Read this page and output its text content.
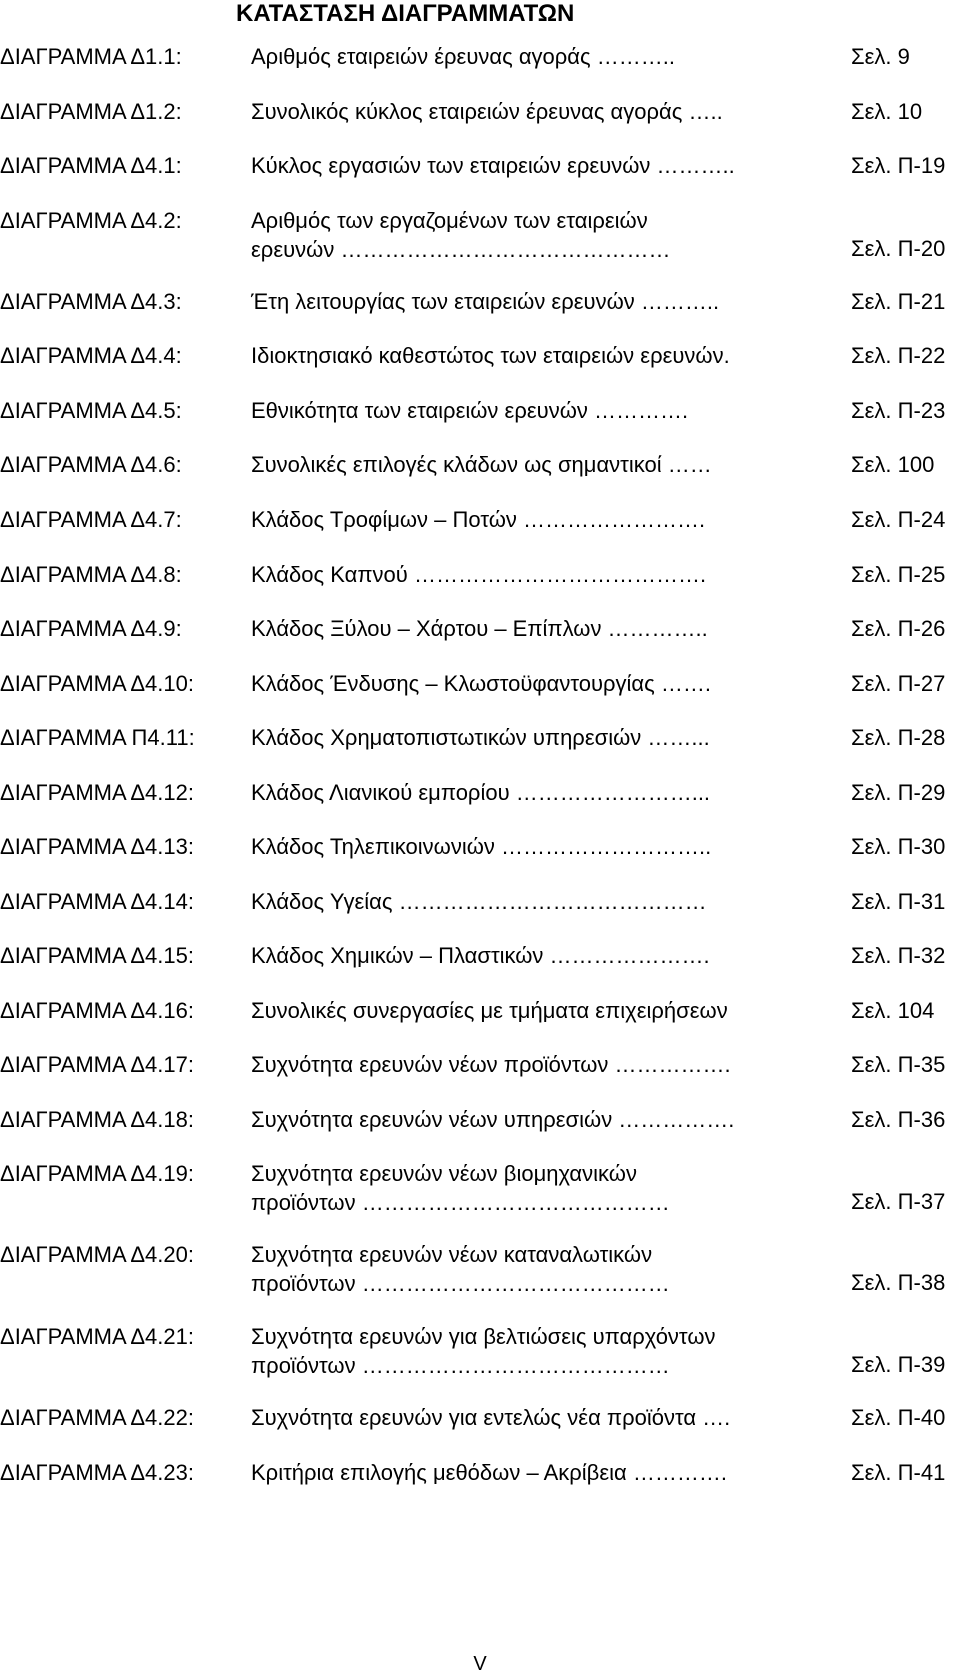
ΚΑΤΑΣΤΑΣΗ ΔΙΑΓΡΑΜΜΑΤΩΝ
ΔΙΑΓΡΑΜΜΑ Δ1.1:	Αριθμός εταιρειών έρευνας αγοράς ………..	Σελ. 9
ΔΙΑΓΡΑΜΜΑ Δ1.2:	Συνολικός κύκλος εταιρειών έρευνας αγοράς …..	Σελ. 10
ΔΙΑΓΡΑΜΜΑ Δ4.1:	Κύκλος εργασιών των εταιρειών ερευνών ………..	Σελ. Π-19
ΔΙΑΓΡΑΜΜΑ Δ4.2:	Αριθμός των εργαζομένων των εταιρειών
ερευνών ………………………………………	Σελ. Π-20
ΔΙΑΓΡΑΜΜΑ Δ4.3:	Έτη λειτουργίας των εταιρειών ερευνών ………..	Σελ. Π-21
ΔΙΑΓΡΑΜΜΑ Δ4.4:	Ιδιοκτησιακό καθεστώτος των εταιρειών ερευνών.	Σελ. Π-22
ΔΙΑΓΡΑΜΜΑ Δ4.5:	Εθνικότητα των εταιρειών ερευνών ………….	Σελ. Π-23
ΔΙΑΓΡΑΜΜΑ Δ4.6:	Συνολικές επιλογές κλάδων ως σημαντικοί ……	Σελ. 100
ΔΙΑΓΡΑΜΜΑ Δ4.7:	Κλάδος Τροφίμων – Ποτών …………………….	Σελ. Π-24
ΔΙΑΓΡΑΜΜΑ Δ4.8:	Κλάδος Καπνού ………………………………….	Σελ. Π-25
ΔΙΑΓΡΑΜΜΑ Δ4.9:	Κλάδος Ξύλου – Χάρτου – Επίπλων …………..	Σελ. Π-26
ΔΙΑΓΡΑΜΜΑ Δ4.10:	Κλάδος Ένδυσης – Κλωστοϋφαντουργίας …….	Σελ. Π-27
ΔΙΑΓΡΑΜΜΑ Π4.11:	Κλάδος Χρηματοπιστωτικών υπηρεσιών ……...	Σελ. Π-28
ΔΙΑΓΡΑΜΜΑ Δ4.12:	Κλάδος Λιανικού εμπορίου ……………………...	Σελ. Π-29
ΔΙΑΓΡΑΜΜΑ Δ4.13:	Κλάδος Τηλεπικοινωνιών ………………………..	Σελ. Π-30
ΔΙΑΓΡΑΜΜΑ Δ4.14:	Κλάδος Υγείας ……………………………………	Σελ. Π-31
ΔΙΑΓΡΑΜΜΑ Δ4.15:	Κλάδος Χημικών – Πλαστικών ………………….	Σελ. Π-32
ΔΙΑΓΡΑΜΜΑ Δ4.16:	Συνολικές συνεργασίες με τμήματα επιχειρήσεων	Σελ. 104
ΔΙΑΓΡΑΜΜΑ Δ4.17:	Συχνότητα ερευνών νέων προϊόντων …………….	Σελ. Π-35
ΔΙΑΓΡΑΜΜΑ Δ4.18:	Συχνότητα ερευνών νέων υπηρεσιών …………….	Σελ. Π-36
ΔΙΑΓΡΑΜΜΑ Δ4.19:	Συχνότητα ερευνών νέων βιομηχανικών
προϊόντων ……………………………………	Σελ. Π-37
ΔΙΑΓΡΑΜΜΑ Δ4.20:	Συχνότητα ερευνών νέων καταναλωτικών
προϊόντων ……………………………………	Σελ. Π-38
ΔΙΑΓΡΑΜΜΑ Δ4.21:	Συχνότητα ερευνών για βελτιώσεις υπαρχόντων
προϊόντων ……………………………………	Σελ. Π-39
ΔΙΑΓΡΑΜΜΑ Δ4.22:	Συχνότητα ερευνών για εντελώς νέα προϊόντα ….	Σελ. Π-40
ΔΙΑΓΡΑΜΜΑ Δ4.23:	Κριτήρια επιλογής μεθόδων – Ακρίβεια ………….	Σελ. Π-41
V
